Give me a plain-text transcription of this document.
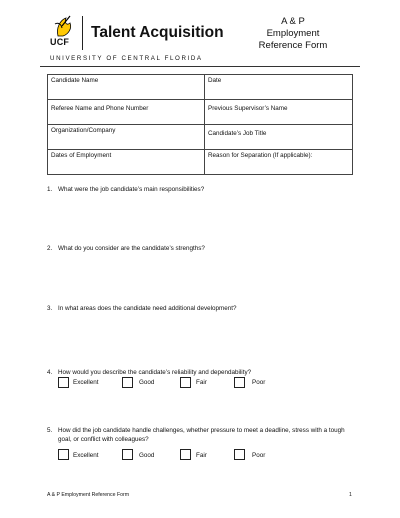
UCF
Talent Acquisition
UNIVERSITY OF CENTRAL FLORIDA
A & P
Employment
Reference Form
Candidate Name	Date

Referee Name and Phone Number	Previous Supervisor’s Name

Organization/Company	Candidate’s Job Title

Dates of Employment	Reason for Separation (If applicable):
1. What were the job candidate’s main responsibilities?
2. What do you consider are the candidate’s strengths?
3. In what areas does the candidate need additional development?
4. How would you describe the candidate’s reliability and dependability?
Excellent	Good	Fair	Poor
5. How did the job candidate handle challenges, whether pressure to meet a deadline, stress with a tough
goal, or conflict with colleagues?
Excellent	Good	Fair	Poor
A & P Employment Reference Form	1
